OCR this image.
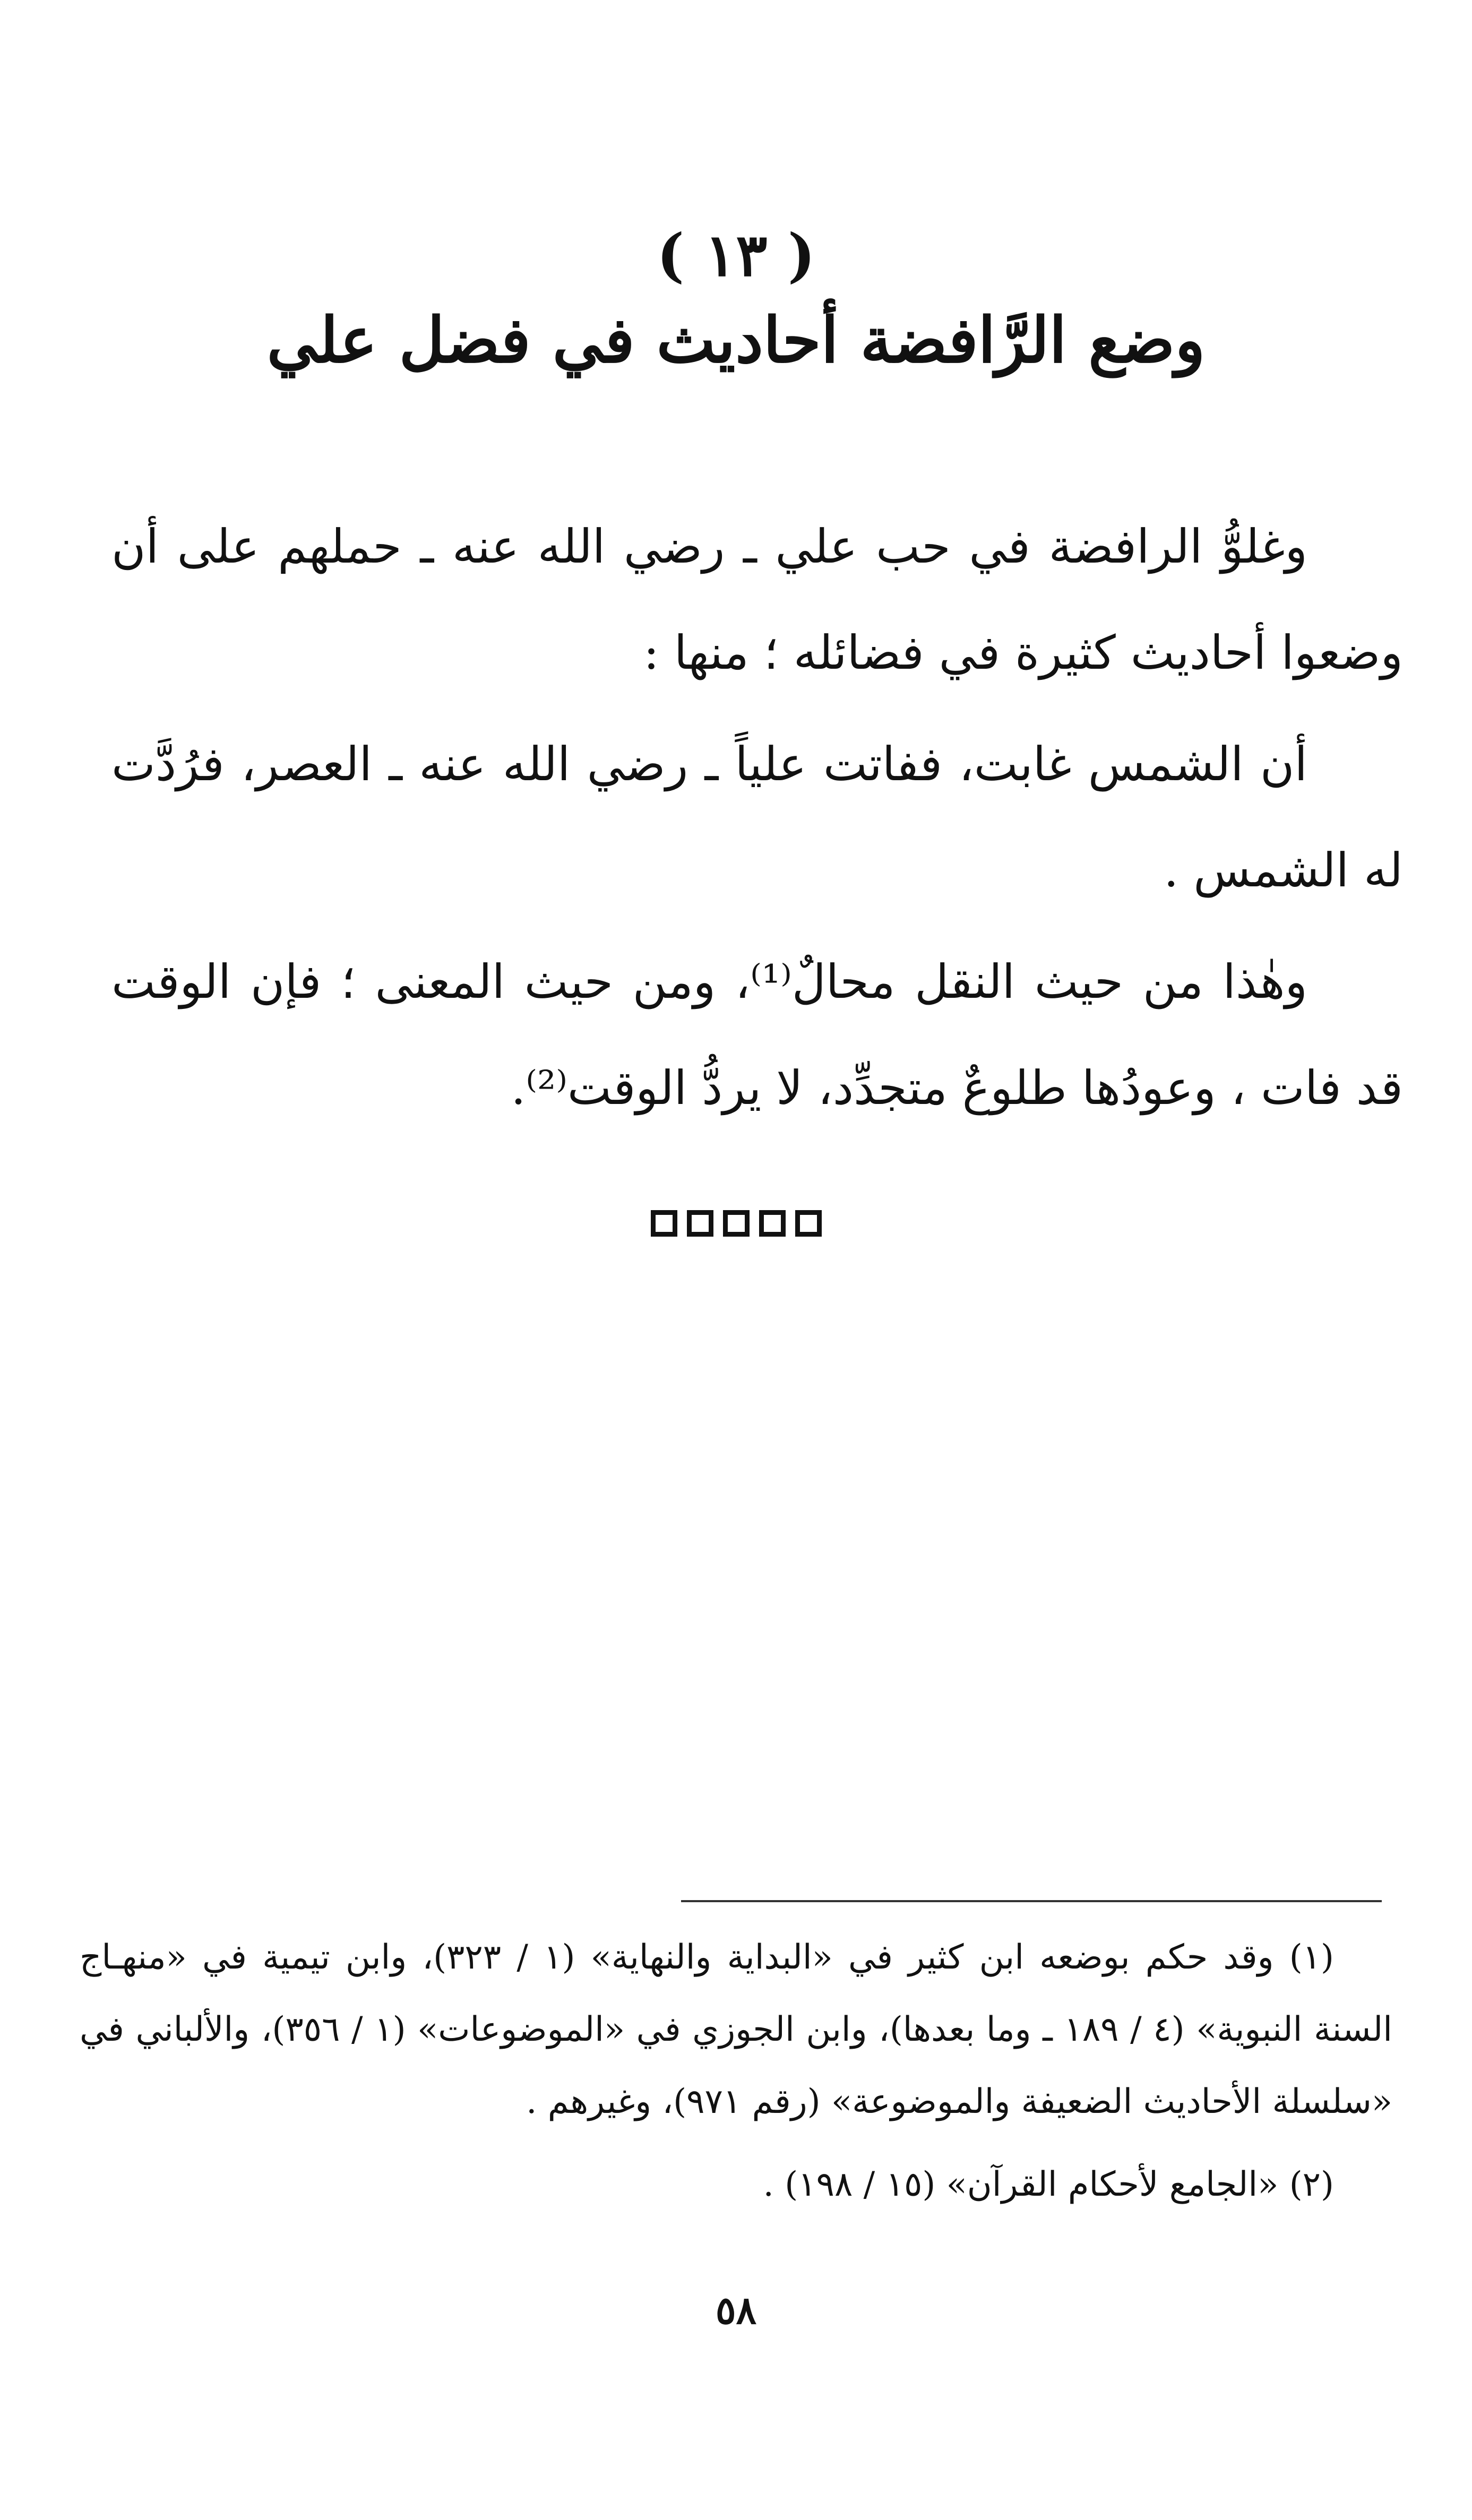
( ١٣ )
وضع الرَّافضة أحاديث في فضل علي

وغلوُّ الرافضة في حب علي ـ رضي الله عنه ـ حملهم على أن وضعوا أحاديث كثيرة في فضائله ؛ منها :

أن الشمس غابت، ففاتت علياً ـ رضي الله عنه ـ العصر، فرُدَّت له الشمس .

وهٰذا من حيث النقل محالٌ⁽¹⁾، ومن حيث المعنى ؛ فإن الوقت قد فات ، وعودُها طلوعٌ متجدِّد، لا يردُّ الوقت⁽²⁾.

(١) وقد حكم بوضعه ابن كثير في «البداية والنهاية» (١ / ٣٢٣)، وابن تيمية في «منهـاج السنة النبوية» (٤ / ١٨٩ ـ وما بعدها)، وابن الجوزي في «الموضوعات» (١ / ٣٥٦)، والألباني في «سلسلة الأحاديث الضعيفة والموضوعة» (رقم ٩٧١)، وغيرهم .

(٢) «الجامع لأحكام القرآن» (١٥ / ١٩٨) .

٥٨
